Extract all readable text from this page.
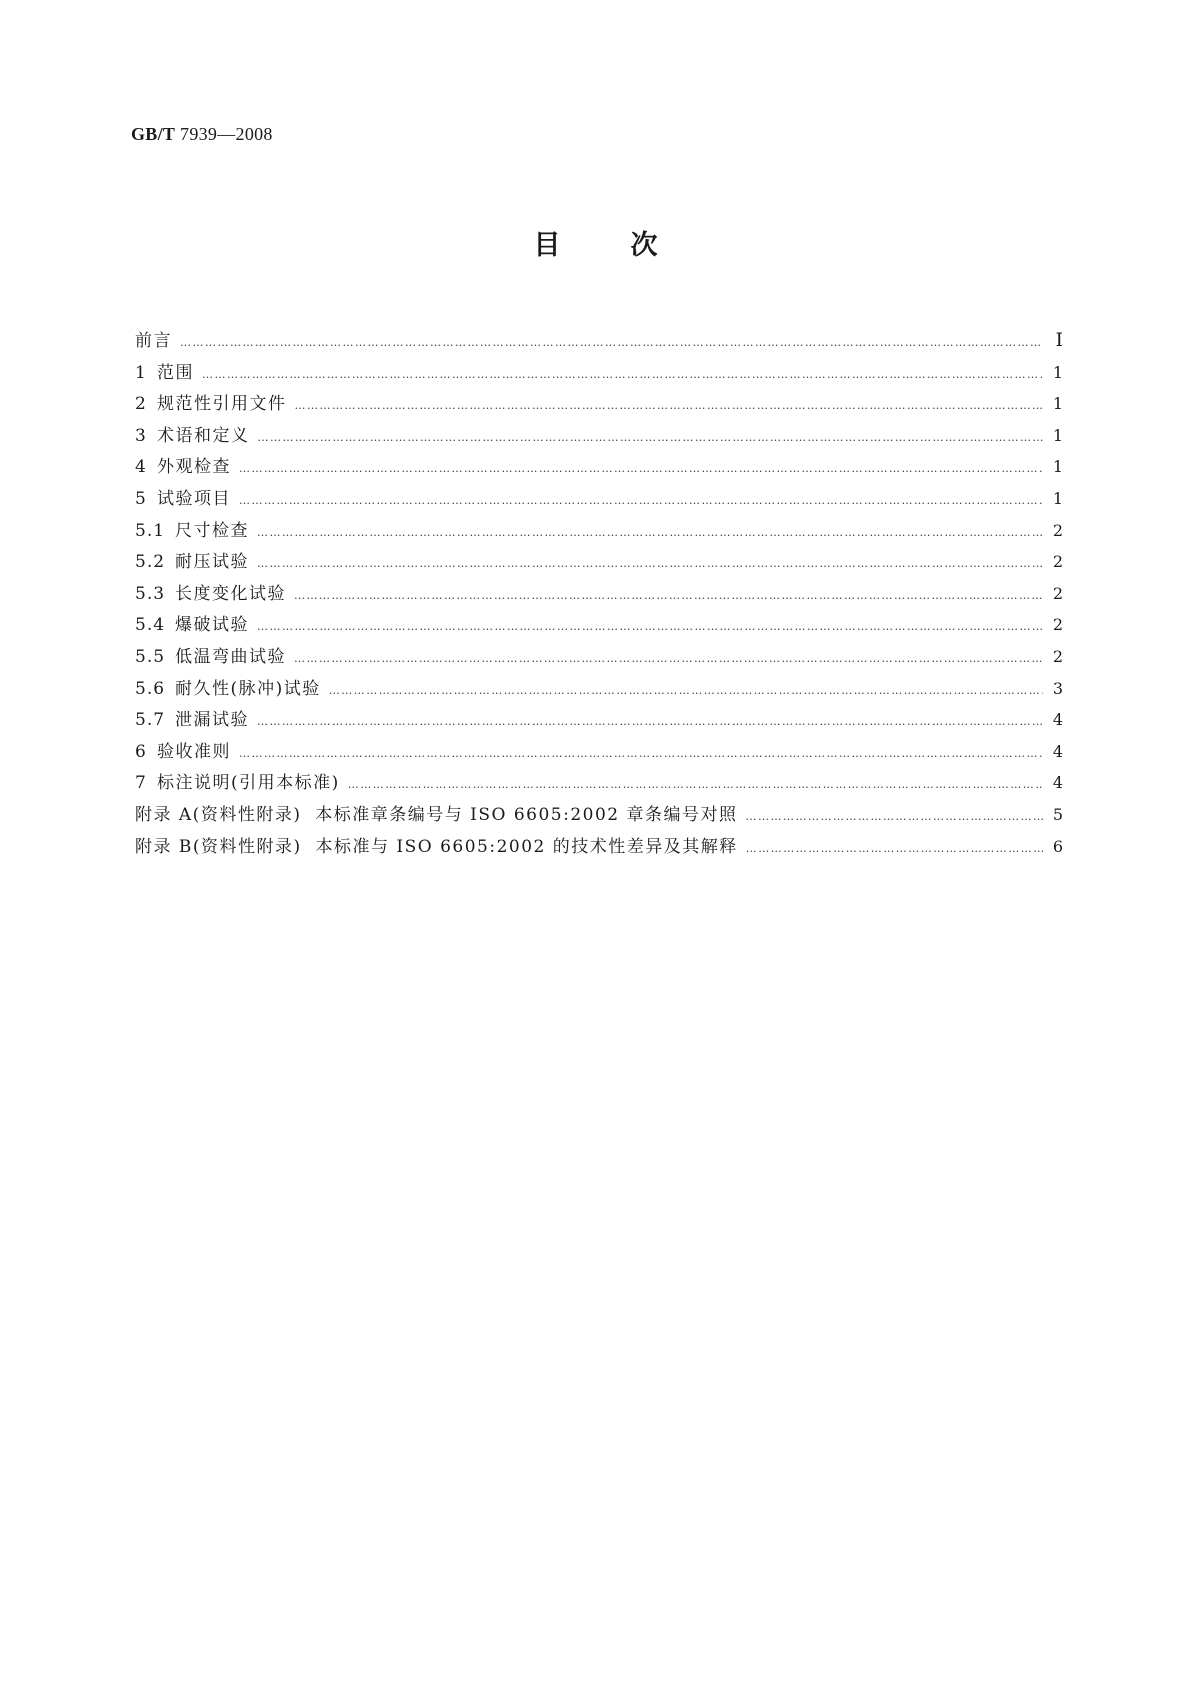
GB/T 7939—2008
目	次
前言 …………………………………………………………………………………………………………………………………………………………………………………………	Ⅰ
1 范围 …………………………………………………………………………………………………………………………………………………………………………………………	1
2 规范性引用文件 …………………………………………………………………………………………………………………………………………………………………………………………	1
3 术语和定义 …………………………………………………………………………………………………………………………………………………………………………………………	1
4 外观检查 …………………………………………………………………………………………………………………………………………………………………………………………	1
5 试验项目 …………………………………………………………………………………………………………………………………………………………………………………………	1
5.1 尺寸检查 …………………………………………………………………………………………………………………………………………………………………………………………	2
5.2 耐压试验 …………………………………………………………………………………………………………………………………………………………………………………………	2
5.3 长度变化试验 …………………………………………………………………………………………………………………………………………………………………………………………	2
5.4 爆破试验 …………………………………………………………………………………………………………………………………………………………………………………………	2
5.5 低温弯曲试验 …………………………………………………………………………………………………………………………………………………………………………………………	2
5.6 耐久性(脉冲)试验 …………………………………………………………………………………………………………………………………………………………………………………………	3
5.7 泄漏试验 …………………………………………………………………………………………………………………………………………………………………………………………	4
6 验收准则 …………………………………………………………………………………………………………………………………………………………………………………………	4
7 标注说明(引用本标准) …………………………………………………………………………………………………………………………………………………………………………………………	4
附录 A(资料性附录)  本标准章条编号与 ISO 6605:2002 章条编号对照 …………………………………………………………………………………………………………………………………………………………………………………………	5
附录 B(资料性附录)  本标准与 ISO 6605:2002 的技术性差异及其解释 …………………………………………………………………………………………………………………………………………………………………………………………	6
